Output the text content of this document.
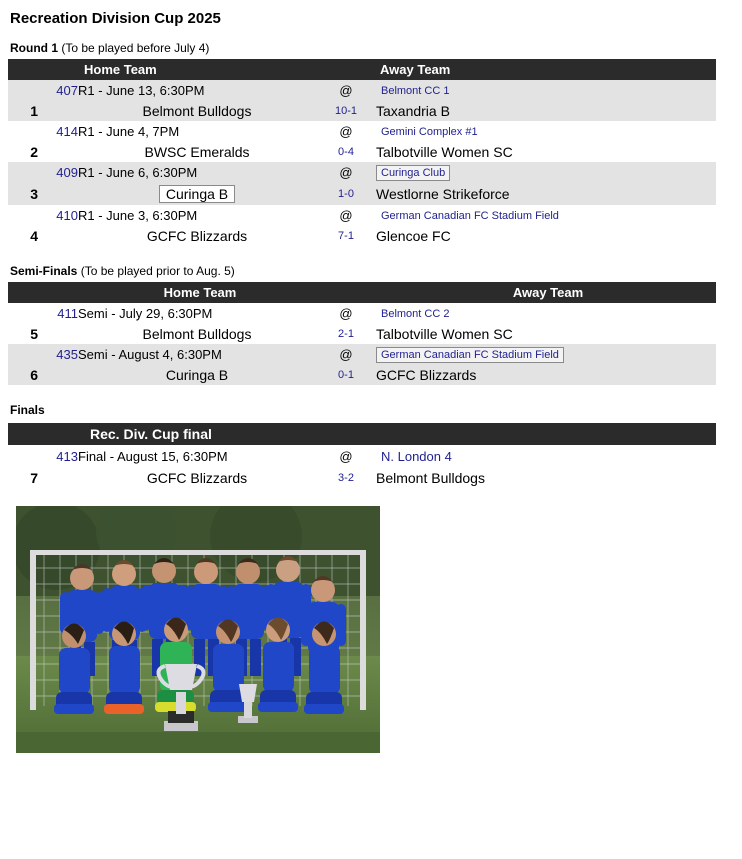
Recreation Division Cup 2025
Round 1 (To be played before July 4)
		Home Team		Away Team
	407	R1 - June 13, 6:30PM	@	Belmont CC 1
1		Belmont Bulldogs	10-1	Taxandria B
	414	R1 - June 4, 7PM	@	Gemini Complex #1
2		BWSC Emeralds	0-4	Talbotville Women SC
	409	R1 - June 6, 6:30PM	@	Curinga Club
3		Curinga B	1-0	Westlorne Strikeforce
	410	R1 - June 3, 6:30PM	@	German Canadian FC Stadium Field
4		GCFC Blizzards	7-1	Glencoe FC
Semi-Finals (To be played prior to Aug. 5)
		Home Team		Away Team
	411	Semi - July 29, 6:30PM	@	Belmont CC 2
5		Belmont Bulldogs	2-1	Talbotville Women SC
	435	Semi - August 4, 6:30PM	@	German Canadian FC Stadium Field
6		Curinga B	0-1	GCFC Blizzards
Finals
	Rec. Div. Cup final			
	413	Final - August 15, 6:30PM	@	N. London 4
7		GCFC Blizzards	3-2	Belmont Bulldogs
